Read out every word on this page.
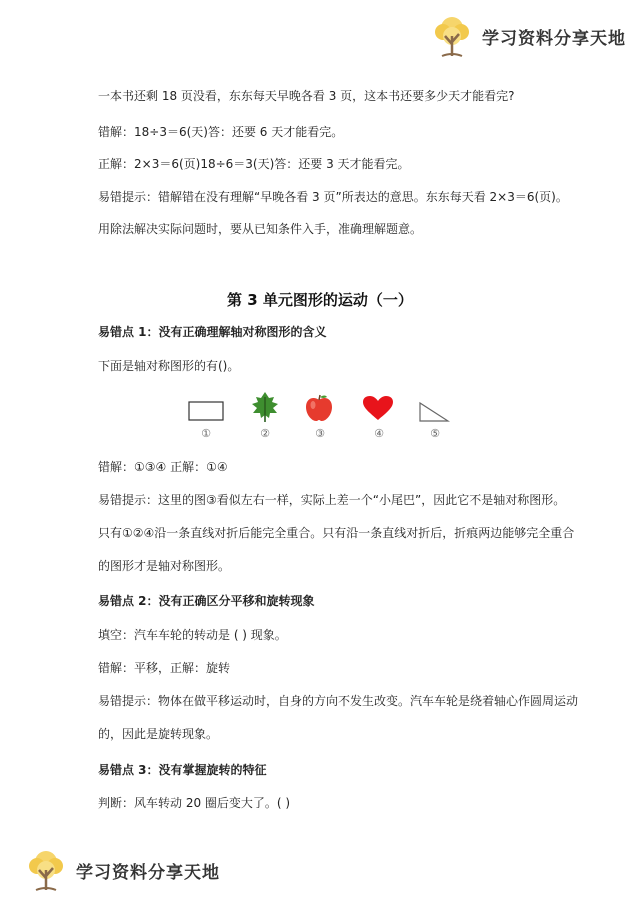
学习资料分享天地
一本书还剩 18 页没看，东东每天早晚各看 3 页，这本书还要多少天才能看完?
错解：18÷3＝6(天)答：还要 6 天才能看完。
正解：2×3＝6(页)18÷6＝3(天)答：还要 3 天才能看完。
易错提示：错解错在没有理解“早晚各看 3 页”所表达的意思。东东每天看 2×3＝6(页)。
用除法解决实际问题时，要从已知条件入手，准确理解题意。
第 3 单元图形的运动（一）
易错点 1：没有正确理解轴对称图形的含义
下面是轴对称图形的有()。
①	②	③	④	⑤
错解：①③④ 正解：①④
易错提示：这里的图③看似左右一样，实际上差一个“小尾巴”，因此它不是轴对称图形。
只有①②④沿一条直线对折后能完全重合。只有沿一条直线对折后，折痕两边能够完全重合
的图形才是轴对称图形。
易错点 2：没有正确区分平移和旋转现象
填空：汽车车轮的转动是 ( ) 现象。
错解：平移，正解：旋转
易错提示：物体在做平移运动时，自身的方向不发生改变。汽车车轮是绕着轴心作圆周运动
的，因此是旋转现象。
易错点 3：没有掌握旋转的特征
判断：风车转动 20 圈后变大了。( )
学习资料分享天地
